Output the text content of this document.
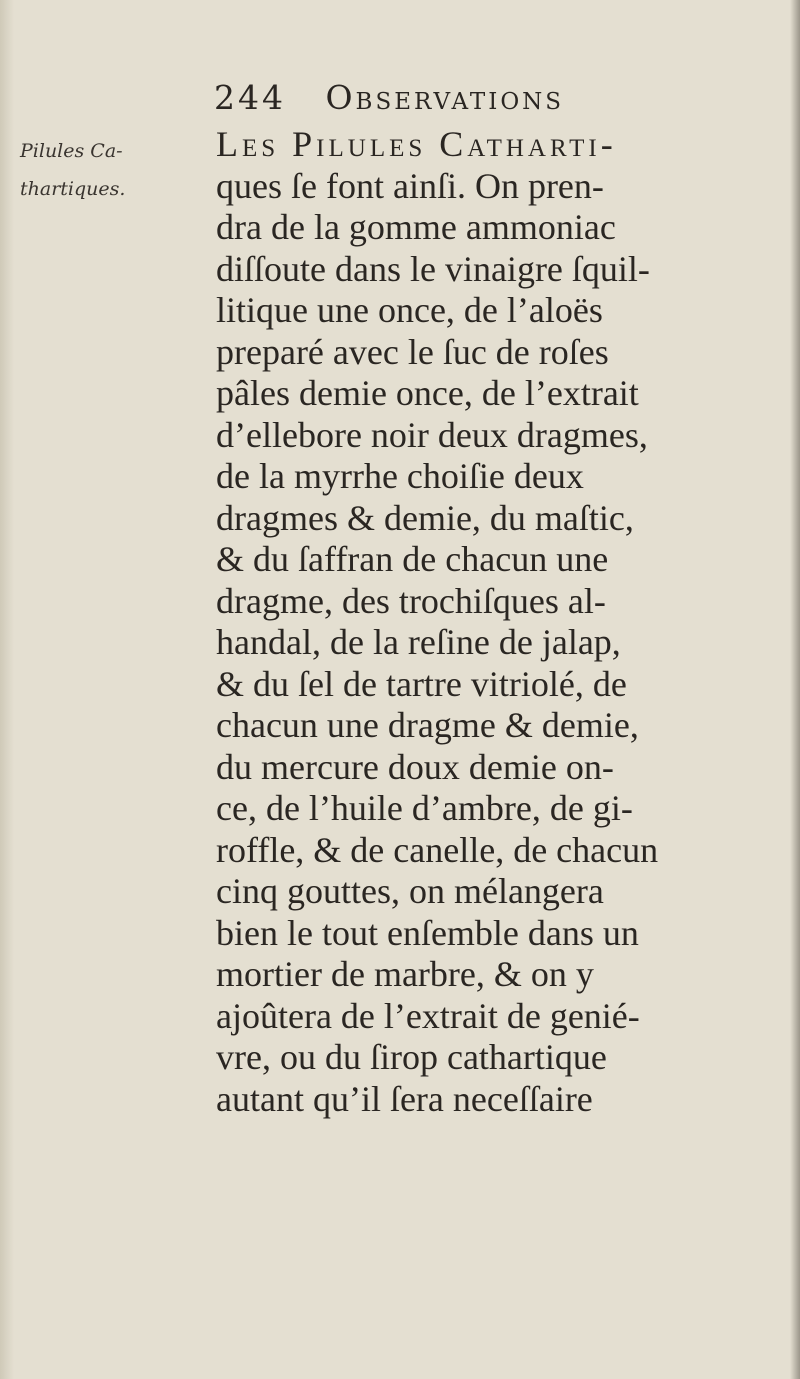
244 Observations
Pilules Ca-
thartiques.
Les Pilules Catharti-
ques ſe font ainſi. On pren-
dra de la gomme ammoniac
diſſoute dans le vinaigre ſquil-
litique une once, de l’aloës
preparé avec le ſuc de roſes
pâles demie once, de l’extrait
d’ellebore noir deux dragmes,
de la myrrhe choiſie deux
dragmes & demie, du maſtic,
& du ſaffran de chacun une
dragme, des trochiſques al-
handal, de la reſine de jalap,
& du ſel de tartre vitriolé, de
chacun une dragme & demie,
du mercure doux demie on-
ce, de l’huile d’ambre, de gi-
roffle, & de canelle, de chacun
cinq gouttes, on mélangera
bien le tout enſemble dans un
mortier de marbre, & on y
ajoûtera de l’extrait de genié-
vre, ou du ſirop cathartique
autant qu’il ſera neceſſaire
